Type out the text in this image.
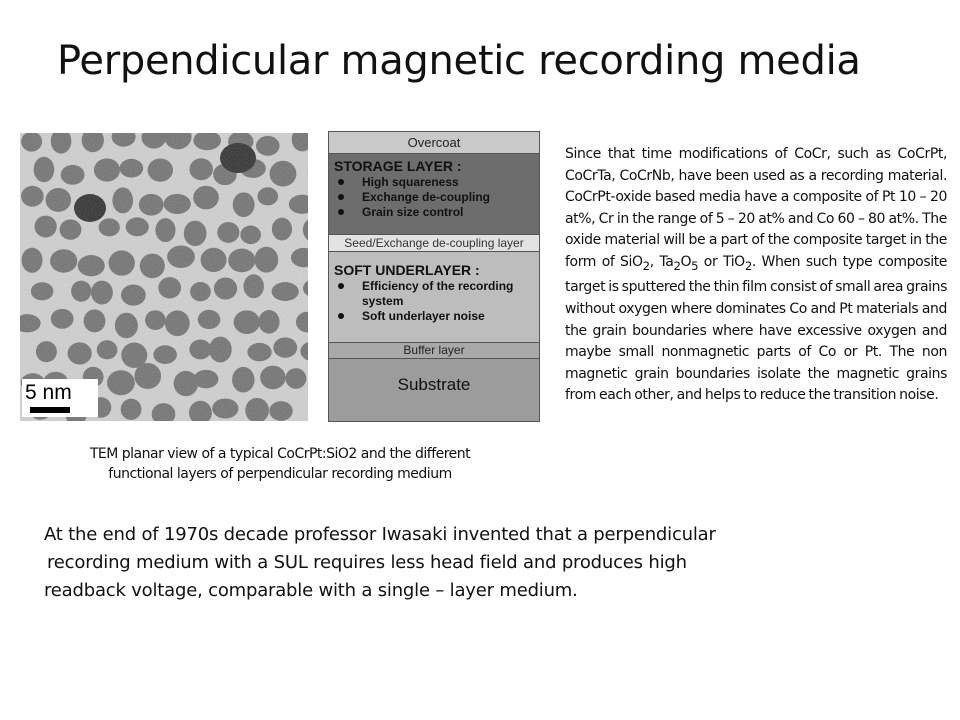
Perpendicular magnetic recording media
5 nm
Overcoat
STORAGE LAYER :
High squareness
Exchange de-coupling
Grain size control
Seed/Exchange de-coupling layer
SOFT UNDERLAYER :
Efficiency of the recording system
Soft underlayer noise
Buffer layer
Substrate
TEM planar view of a typical CoCrPt:SiO2 and the different
functional layers of perpendicular recording medium
Since that time modifications of CoCr, such as CoCrPt, CoCrTa, CoCrNb, have been used as a recording material. CoCrPt-oxide based media have a composite of Pt 10 – 20 at%, Cr in the range of 5 – 20 at% and Co 60 – 80 at%. The oxide material will be a part of the composite target in the form of SiO$_2$, $Ta_2O_5$ or TiO$_2$. When such type composite target is sputtered the thin film consist of small area grains without oxygen where dominates Co and Pt materials and the grain boundaries where have excessive oxygen and maybe small nonmagnetic parts of Co or Pt. The non magnetic grain boundaries isolate the magnetic grains from each other, and helps to reduce the transition noise.
At the end of 1970s decade professor Iwasaki invented that a perpendicular
recording medium with a SUL requires less head field and produces high
readback voltage, comparable with a single – layer medium.
